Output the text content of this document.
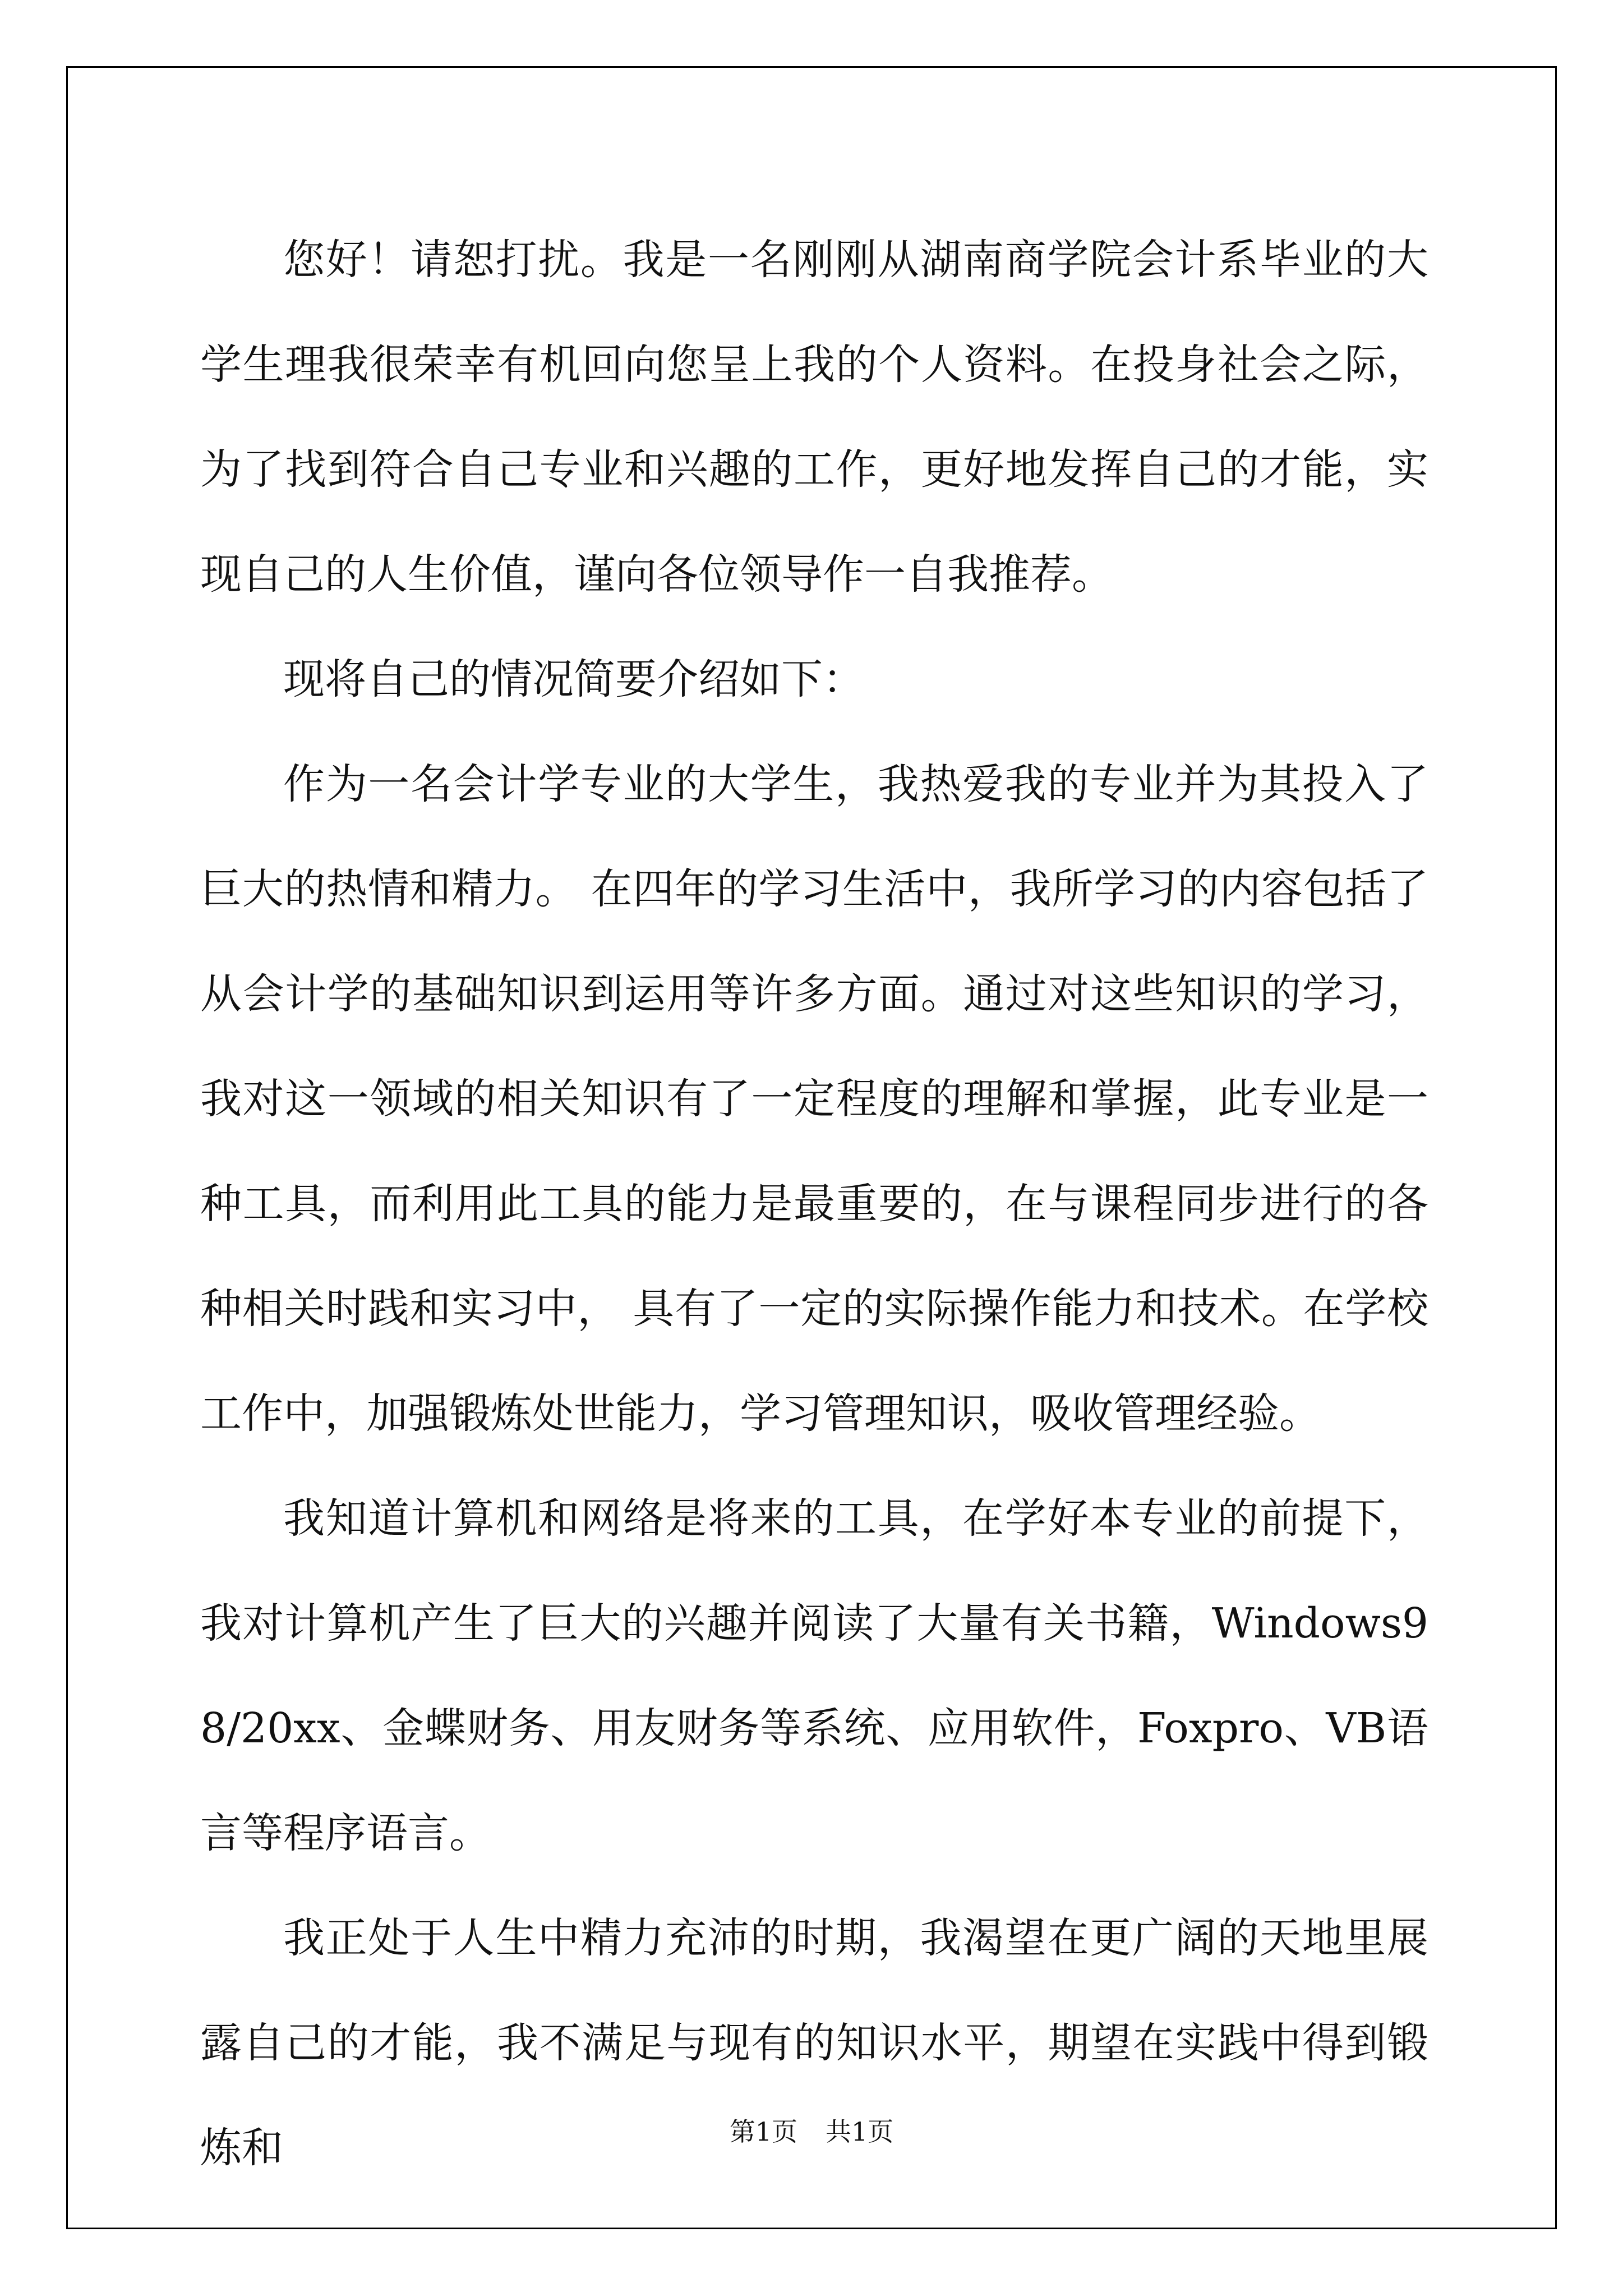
您好！请恕打扰。我是一名刚刚从湖南商学院会计系毕业的大学生理我很荣幸有机回向您呈上我的个人资料。在投身社会之际，为了找到符合自己专业和兴趣的工作，更好地发挥自己的才能，实现自己的人生价值，谨向各位领导作一自我推荐。

现将自己的情况简要介绍如下：

作为一名会计学专业的大学生，我热爱我的专业并为其投入了巨大的热情和精力。 在四年的学习生活中，我所学习的内容包括了从会计学的基础知识到运用等许多方面。通过对这些知识的学习，我对这一领域的相关知识有了一定程度的理解和掌握，此专业是一种工具，而利用此工具的能力是最重要的，在与课程同步进行的各种相关时践和实习中， 具有了一定的实际操作能力和技术。在学校工作中，加强锻炼处世能力，学习管理知识，吸收管理经验。

我知道计算机和网络是将来的工具，在学好本专业的前提下，我对计算机产生了巨大的兴趣并阅读了大量有关书籍，Windows98/20xx、金蝶财务、用友财务等系统、应用软件，Foxpro、VB语言等程序语言。

我正处于人生中精力充沛的时期，我渴望在更广阔的天地里展露自己的才能，我不满足与现有的知识水平，期望在实践中得到锻炼和	第1页 共1页
